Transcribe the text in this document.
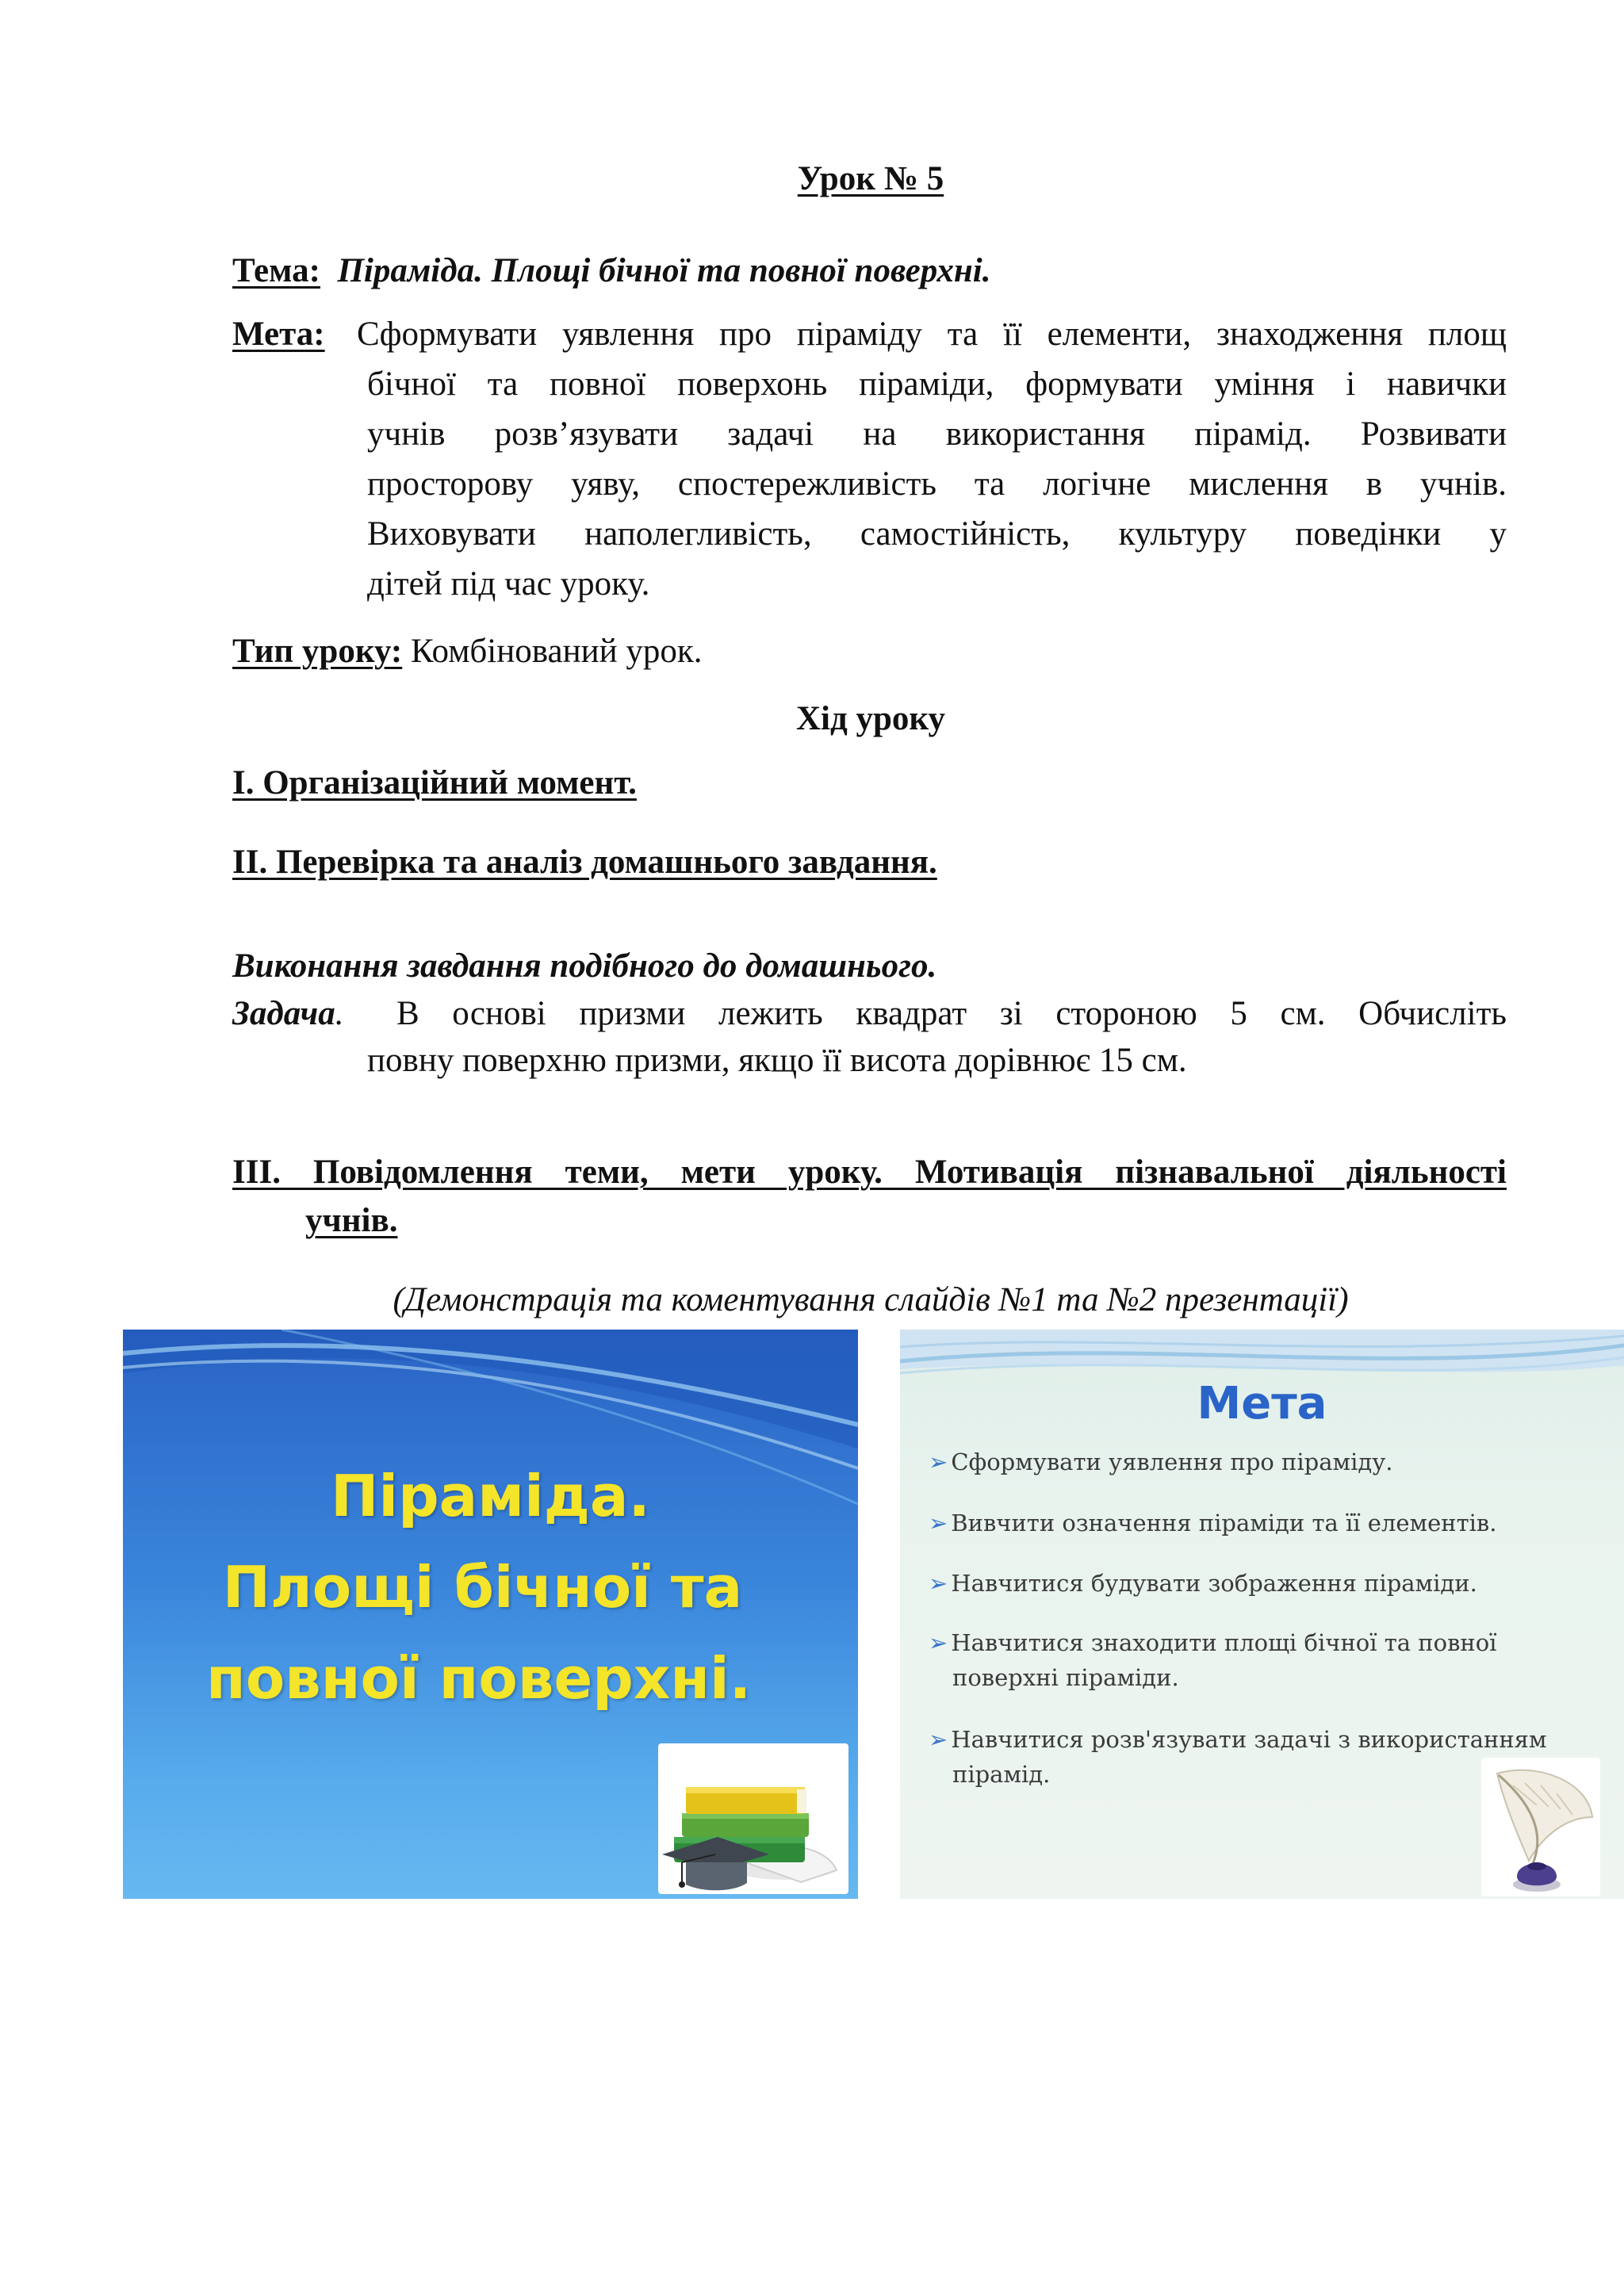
Урок № 5
Тема: Піраміда. Площі бічної та повної поверхні.
Мета: Сформувати уявлення про піраміду та її елементи, знаходження площ
бічної та повної поверхонь піраміди, формувати уміння і навички
учнів розв’язувати задачі на використання пірамід. Розвивати
просторову уяву, спостережливість та логічне мислення в учнів.
Виховувати наполегливість, самостійність, культуру поведінки у
дітей під час уроку.
Тип уроку: Комбінований урок.
Хід уроку
І. Організаційний момент.
ІІ. Перевірка та аналіз домашнього завдання.
Виконання завдання подібного до домашнього.
Задача. В основі призми лежить квадрат зі стороною 5 см. Обчисліть
повну поверхню призми, якщо її висота дорівнює 15 см.
ІІІ. Повідомлення теми, мети уроку. Мотивація пізнавальної діяльності
учнів.
(Демонстрація та коментування слайдів №1 та №2 презентації)
Піраміда.
Площі бічної та
повної поверхні.
Мета
➢ Сформувати уявлення про піраміду.
➢ Вивчити означення піраміди та її елементів.
➢ Навчитися будувати зображення піраміди.
➢ Навчитися знаходити площі бічної та повної
поверхні піраміди.
➢ Навчитися розв'язувати задачі з використанням
пірамід.
